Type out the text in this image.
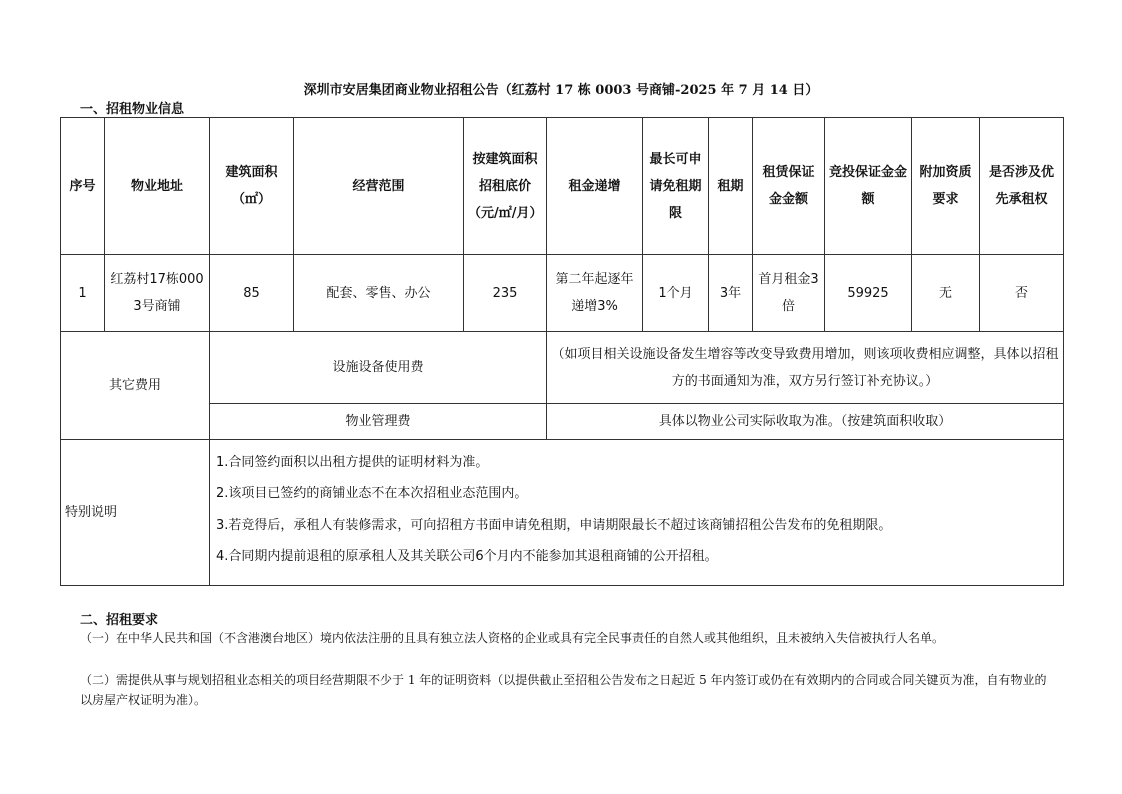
深圳市安居集团商业物业招租公告（红荔村 17 栋 0003 号商铺-2025 年 7 月 14 日）
一、招租物业信息
序号	物业地址	建筑面积（㎡）	经营范围	按建筑面积招租底价（元/㎡/月）	租金递增	最长可申请免租期限	租期	租赁保证金金额	竞投保证金金额	附加资质要求	是否涉及优先承租权
1	红荔村17栋0003号商铺	85	配套、零售、办公	235	第二年起逐年递增3%	1个月	3年	首月租金3倍	59925	无	否
其它费用		设施设备使用费			（如项目相关设施设备发生增容等改变导致费用增加，则该项收费相应调整，具体以招租方的书面通知为准，双方另行签订补充协议。）						
		物业管理费			具体以物业公司实际收取为准。（按建筑面积收取）						
特别说明		1.合同签约面积以出租方提供的证明材料为准。

2.该项目已签约的商铺业态不在本次招租业态范围内。

3.若竞得后，承租人有装修需求，可向招租方书面申请免租期，申请期限最长不超过该商铺招租公告发布的免租期限。

4.合同期内提前退租的原承租人及其关联公司6个月内不能参加其退租商铺的公开招租。									

二、招租要求
（一）在中华人民共和国（不含港澳台地区）境内依法注册的且具有独立法人资格的企业或具有完全民事责任的自然人或其他组织，且未被纳入失信被执行人名单。
（二）需提供从事与规划招租业态相关的项目经营期限不少于 1 年的证明资料（以提供截止至招租公告发布之日起近 5 年内签订或仍在有效期内的合同或合同关键页为准，自有物业的以房屋产权证明为准）。
